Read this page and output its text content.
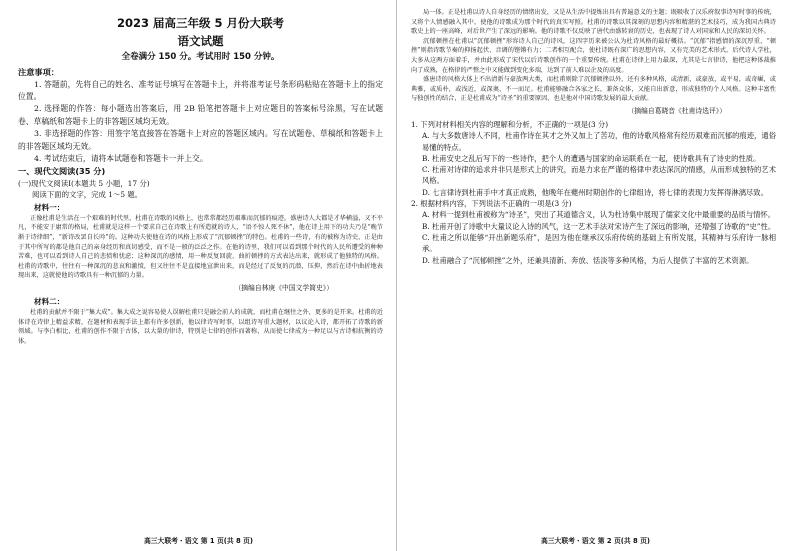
2023 届高三年级 5 月份大联考

语文试题

全卷满分 150 分。考试用时 150 分钟。

注意事项：

1. 答题前，先将自己的姓名、准考证号填写在答题卡上，并将准考证号条形码粘贴在答题卡上的指定位置。

2. 选择题的作答：每小题选出答案后，用 2B 铅笔把答题卡上对应题目的答案标号涂黑，写在试题卷、草稿纸和答题卡上的非答题区域均无效。

3. 非选择题的作答：用签字笔直接答在答题卡上对应的答题区域内。写在试题卷、草稿纸和答题卡上的非答题区域均无效。

4. 考试结束后，请将本试题卷和答题卡一并上交。

一、现代文阅读(35 分)

(一)现代文阅读Ⅰ(本题共 5 小题，17 分)

阅读下面的文字，完成 1～5 题。

材料一：

正像杜甫是生活在一个艰难的时代里，杜甫在诗歌的风格上，也常常都经历艰难而沉郁的痕迹。盛唐诗人大都是才华横溢，又不平凡，不能安于庸常的格局，杜甫就是这样一个要求自己在诗歌上有所造就的诗人，“语不惊人死不休”，他在诗上用下的功夫乃是“晚节渐于诗律细”，“新诗改罢自长吟”的。这种功夫使他在诗的风格上形成了“沉郁顿挫”的特色。杜甫的一些诗，有的被称为诗史，正是由于其中所写的都是他自己的亲身经历和真切感受，而不是一般的泛泛之作。在他的诗里，我们可以看到那个时代的人民所遭受的种种苦难，也可以看到诗人自己的悲愤和忧虑；这种深沉的感情，用一种反复回旋、曲折顿挫的方式表达出来，就形成了他独特的风格。杜甫的诗歌中，往往有一种深沉的悲哀和激愤，但又往往不是直接地宣泄出来，而是经过了反复的沉潜、压抑，然后在诗中曲折地表现出来，这就使他的诗歌具有一种沉郁的力量。

（摘编自林庚《中国文学简史》）

材料二：

杜甫的贡献并不限于“集大成”。集大成之说容易使人误解杜甫只是融会前人的成就，而杜甫在继往之外，更多的是开来。杜甫的近体诗在诗律上精益求精，在题材和表现手法上都有许多创新，他以律诗写时事，以组诗写重大题材，以议论入诗，都开拓了诗歌的新领域。与李白相比，杜甫的创作不限于古体，以大量的律诗，特别是七律的创作而著称，从而使七律成为一种足以与古诗相抗衡的诗体。

高三大联考・语文 第 1 页(共 8 页)

局一体。正是杜甫以诗人自身经历的情绪出发，又是从生活中提炼出具有普遍意义的主题；既吸收了汉乐府叙事诗写时事的传统，又将个人情感融入其中，使他的诗歌成为那个时代的真实写照。杜甫的诗歌以其深刻的思想内容和精湛的艺术技巧，成为我国古典诗歌史上的一座高峰，对后世产生了深远的影响。他的诗歌不仅反映了唐代由盛转衰的历史，也表现了诗人对国家和人民的深切关怀。

沉郁顿挫在杜甫以“沉郁顿挫”形容诗人自己的诗风，这四字历来被公认为杜诗风格的最好概括。“沉郁”指感情的深沉厚重，“顿挫”则指诗歌节奏的抑扬起伏、音调的铿锵有力；二者相互配合，使杜诗既有深广的思想内容，又有完美的艺术形式。后代诗人学杜，大多从这两方面着手，并由此形成了宋代以后诗歌创作的一个重要传统。杜甫在诗律上用力最深，尤其是七言律诗，他把这种体裁推向了成熟，在格律的严整之中又能做到变化多端，达到了前人难以企及的高度。

盛唐诗的风格大体上不出清新与豪放两大类，而杜甫则除了沉郁顿挫以外，还有多种风格，或清新，或豪放，或平易，或奇崛，或典雅，或质朴，或浅近，或深奥，不一而足。杜甫能够融合各家之长，兼备众体，又能自出新意，形成独特的个人风格。这种丰富性与独创性的结合，正是杜甫成为“诗圣”的重要原因，也是他对中国诗歌发展的最大贡献。

（摘编自葛晓音《杜甫诗选评》）

1. 下列对材料相关内容的理解和分析，不正确的一项是(3 分)

A. 与大多数唐诗人不同，杜甫作诗在其才之外又加上了苦功，他的诗歌风格常有经历艰难而沉郁的痕迹，通俗易懂的特点。

B. 杜甫安史之乱后写下的一些诗作，把个人的遭遇与国家的命运联系在一起，使诗歌具有了诗史的性质。

C. 杜甫对诗律的追求并非只是形式上的讲究，而是力求在严谨的格律中表达深沉的情感，从而形成独特的艺术风格。

D. 七言律诗到杜甫手中才真正成熟，他晚年在夔州时期创作的七律组诗，将七律的表现力发挥得淋漓尽致。

2. 根据材料内容，下列说法不正确的一项是(3 分)

A. 材料一提到杜甫被称为“诗圣”，突出了其道德含义，认为杜诗集中展现了儒家文化中最重要的品质与情怀。

B. 杜甫开创了诗歌中大量议论入诗的风气，这一艺术手法对宋诗产生了深远的影响，还增强了诗歌的“史”性。

C. 杜甫之所以能够“开出新题乐府”，是因为他在继承汉乐府传统的基础上有所发展，其精神与乐府诗一脉相承。

D. 杜甫融合了“沉郁顿挫”之外，还兼具清新、奔放、恬淡等多种风格，为后人提供了丰富的艺术资源。

高三大联考・语文 第 2 页(共 8 页)
